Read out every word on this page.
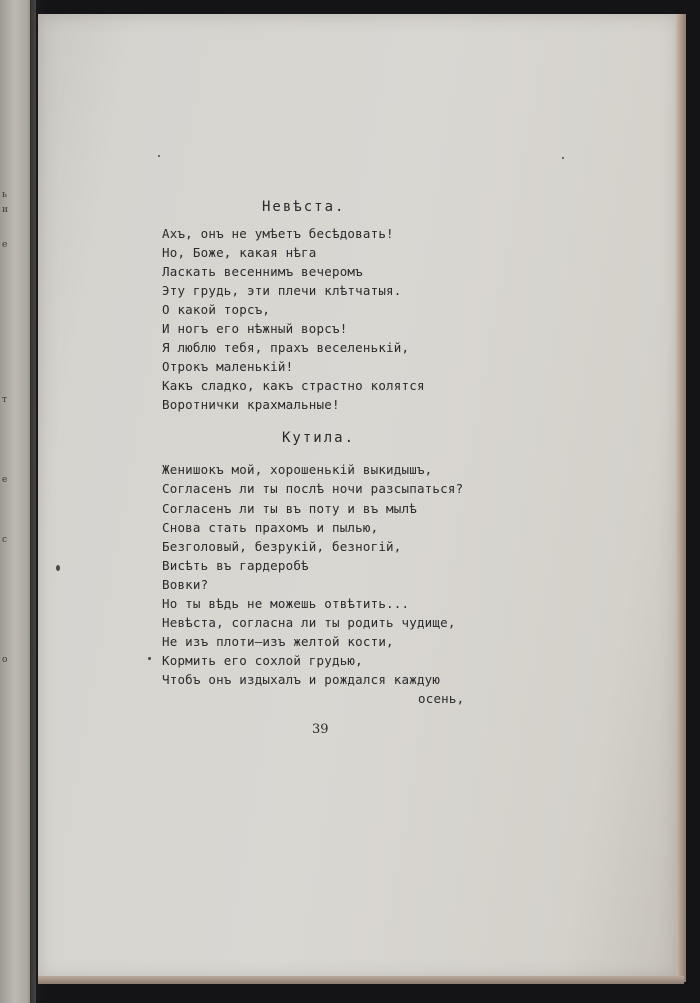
ь
и
е
т
е
с
о
Невѣста.

Ахъ, онъ не умѣетъ бесѣдовать!

Но, Боже, какая нѣга

Ласкать весеннимъ вечеромъ

Эту грудь, эти плечи клѣтчатыя.

О какой торсъ,

И ногъ его нѣжный ворсъ!

Я люблю тебя, прахъ веселенькій,

Отрокъ маленькій!

Какъ сладко, какъ страстно колятся

Воротнички крахмальные!

Кутила.

Женишокъ мой, хорошенькій выкидышъ,

Согласенъ ли ты послѣ ночи разсыпаться?

Согласенъ ли ты въ поту и въ мылѣ

Снова стать прахомъ и пылью,

Безголовый, безрукій, безногій,

Висѣть въ гардеробѣ

Вовки?

Но ты вѣдь не можешь отвѣтить...

Невѣста, согласна ли ты родить чудище,

Не изъ плоти—изъ желтой кости,

Кормить его сохлой грудью,

Чтобъ онъ издыхалъ и рождался каждую

осень,

39
